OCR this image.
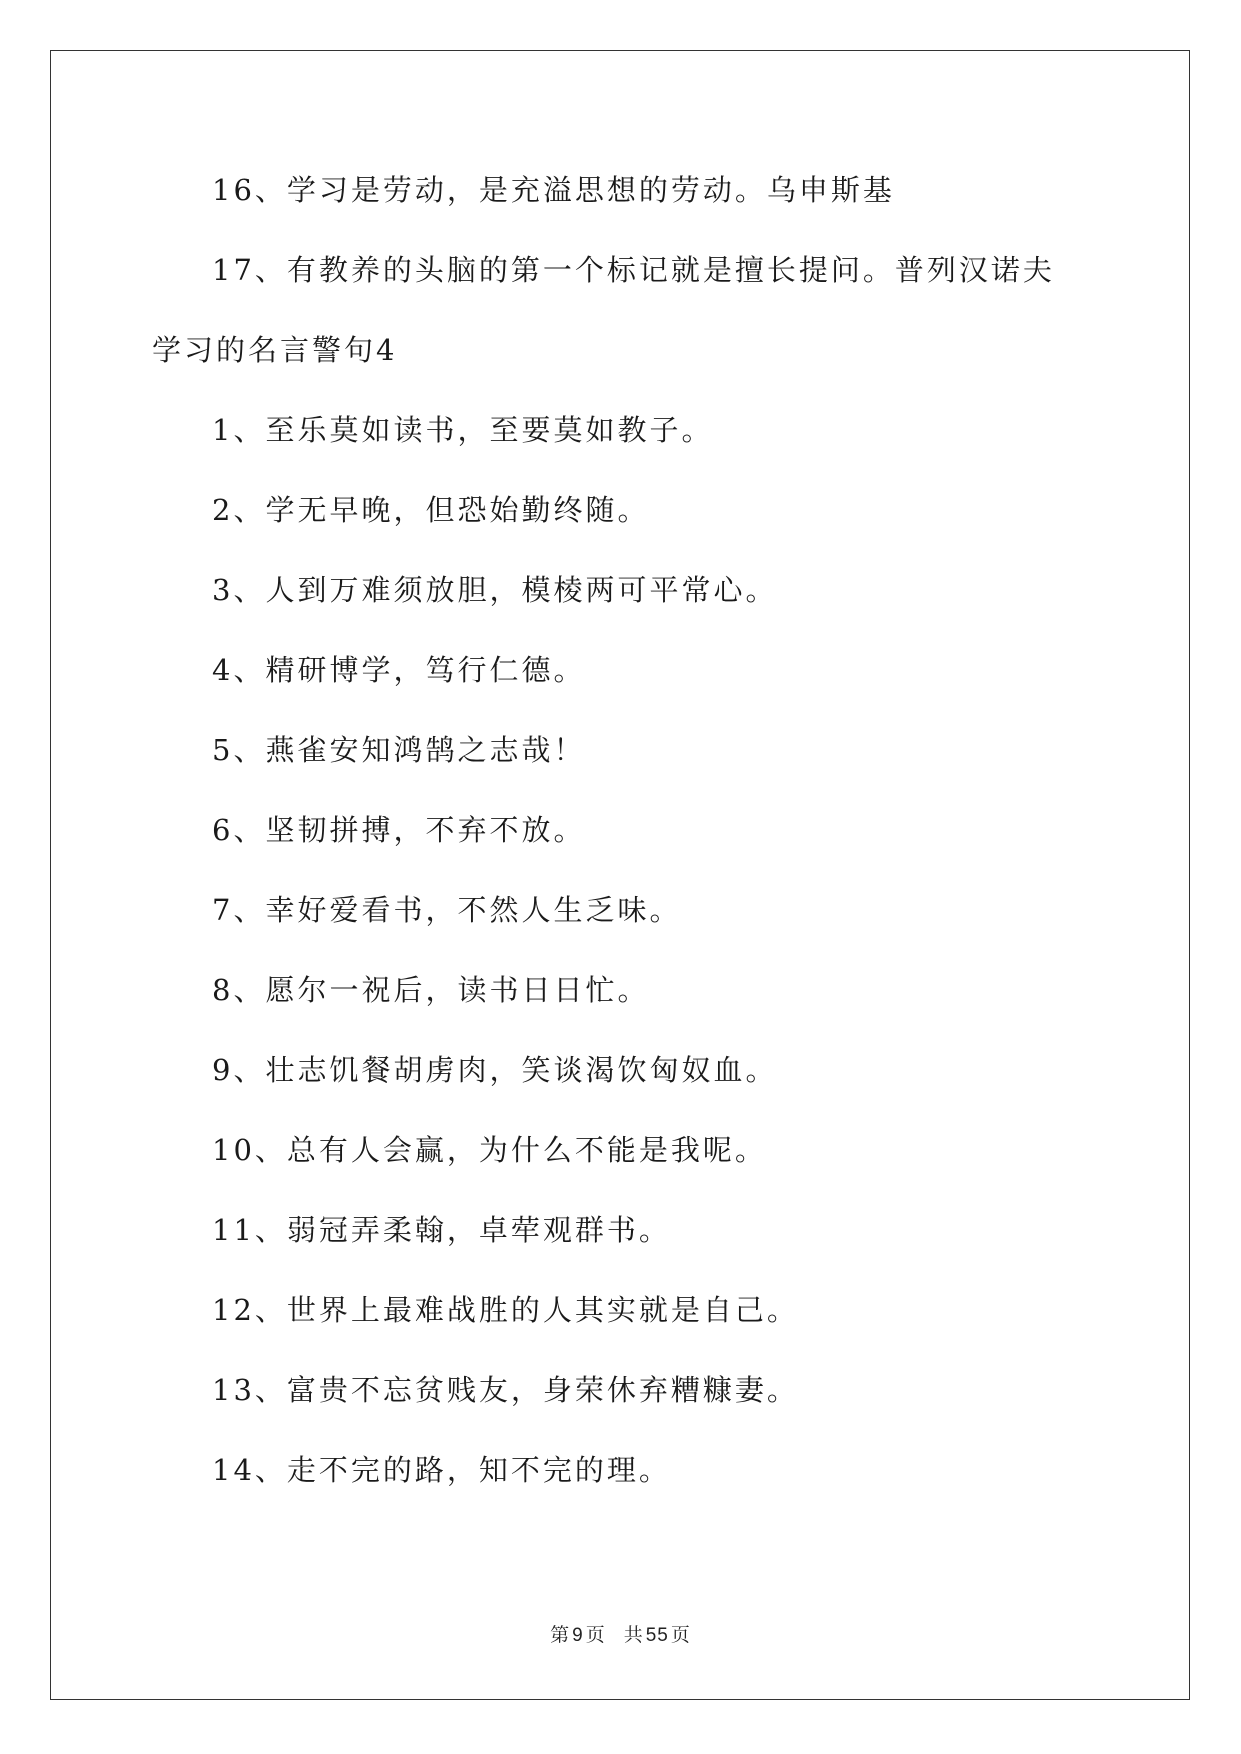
16、学习是劳动，是充溢思想的劳动。乌申斯基
17、有教养的头脑的第一个标记就是擅长提问。普列汉诺夫
学习的名言警句4
1、至乐莫如读书，至要莫如教子。
2、学无早晚，但恐始勤终随。
3、人到万难须放胆，模棱两可平常心。
4、精研博学，笃行仁德。
5、燕雀安知鸿鹄之志哉！
6、坚韧拼搏，不弃不放。
7、幸好爱看书，不然人生乏味。
8、愿尔一祝后，读书日日忙。
9、壮志饥餐胡虏肉，笑谈渴饮匈奴血。
10、总有人会赢，为什么不能是我呢。
11、弱冠弄柔翰，卓荦观群书。
12、世界上最难战胜的人其实就是自己。
13、富贵不忘贫贱友，身荣休弃糟糠妻。
14、走不完的路，知不完的理。
第 9 页 共 55 页
